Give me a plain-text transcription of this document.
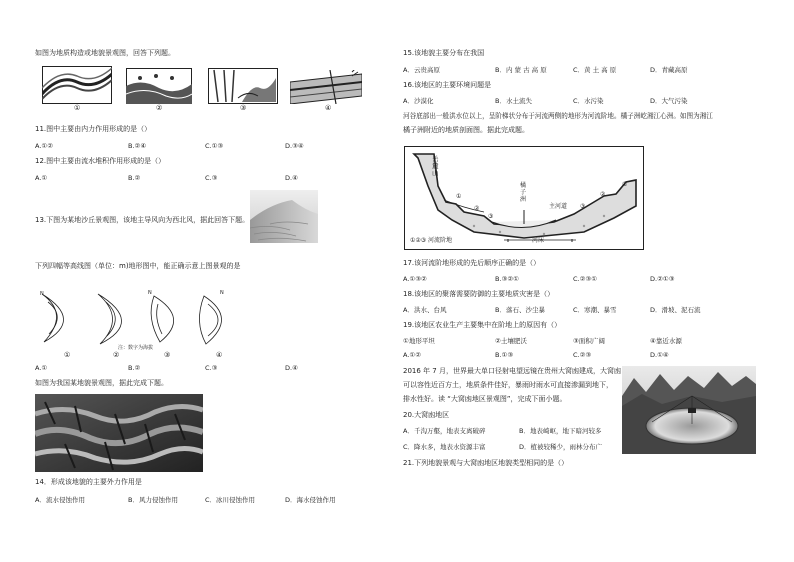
如图为地质构造或地貌景观图，回答下列题。
①	②	③	④
11.图中主要由内力作用形成的是（）
A.①②	B.②④	C.①③	D.③④
12.图中主要由流水堆积作用形成的是（）
A.①	B.②	C.③	D.④
13.下图为某地沙丘景观图，该地主导风向为西北风，据此回答下题。
下列四幅等高线图（单位：m)地形图中，能正确示意上图景观的是
N	N	N
①	②	③	④
注：数字为海拔
A.①	B.②	C.③	D.④
如图为我国某地貌景观图，据此完成下题。
14．形成该地貌的主要外力作用是
A．流水侵蚀作用	B．风力侵蚀作用	C．冰川侵蚀作用	D．海水侵蚀作用
15.该地貌主要分布在我国
A．云贵高原	B．内 蒙 古 高 原	C．黄 土 高 原	D．青藏高原
16.该地区的主要环境问题是
A．沙漠化	B．水土流失	C．水污染	D．大气污染
河谷底部出一般洪水位以上，呈阶梯状分布于河流两侧的地形为河流阶地。橘子洲屹湘江心洲。如图为湘江
橘子洲附近的地质剖面图。据此完成题。
岳麓山
橘
子
洲
主河道
河床
①②③ 河流阶地
①
②
③
①
②
③
17.该河流阶地形成的先后顺序正确的是（）
A.①③②	B.③②①	C.②③①	D.②①③
18.该地区的聚落需要防御的主要地质灾害是（）
A．洪水、台风	B．落石、沙尘暴	C．寒潮、暴雪	D．滑坡、泥石流
19.该地区农业生产主要集中在阶地上的原因有（）
①地形平坦	②土壤肥沃	③面积广阔	④靠近水源
A.①②	B.①③	C.②③	D.①④
2016 年 7 月，世界最大单口径射电望远镜在贵州大窝凼建成，大窝凼
可以容性近百方土，地质条件佳好，暴雨时雨水可直接渗漏到地下，
排水性好。读 “大窝凼地区景观图”，完成下面小题。
20.大窝凼地区
A．千沟万壑，地表支离破碎	B．地表崎岖，地下暗河较多
C．降水多，地表水资源丰富	D．植被较稀少，雨林分布广
21.下列地貌景观与大窝凼地区地貌类型相同的是（）
